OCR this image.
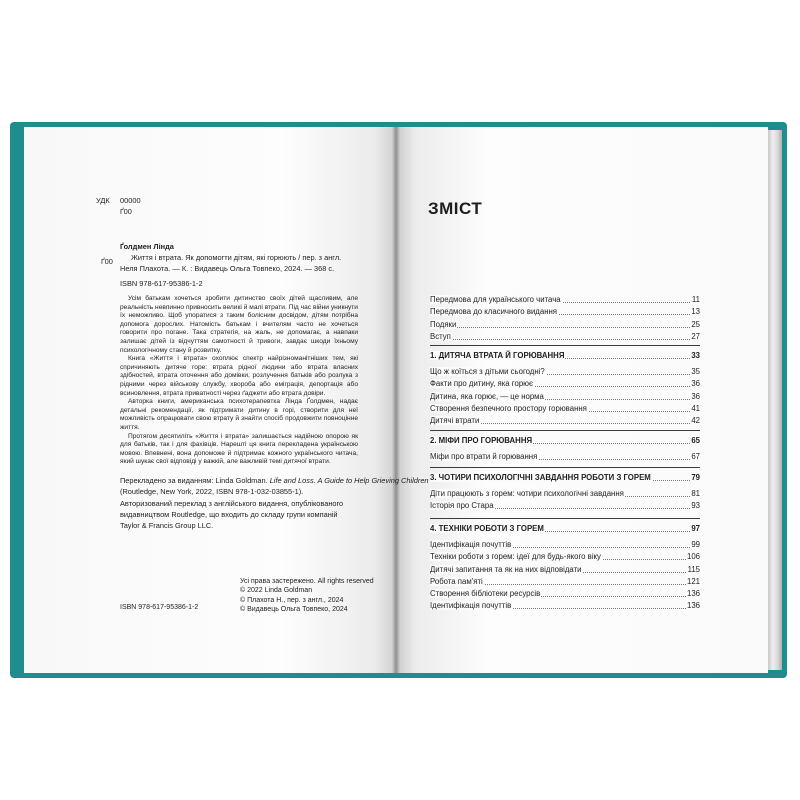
УДК 00000
Ґ00
Ґ00
Ґолдмен Лінда
Життя і втрата. Як допомогти дітям, які горюють / пер. з англ.
Неля Плахота. — К. : Видавець Ольга Товпеко, 2024. — 368 с.
ISBN 978-617-95386-1-2

Усім батькам хочеться зробити дитинство своїх дітей щасливим, але реальність невпинно привносить великі й малі втрати. Під час війни уникнути їх неможливо. Щоб упоратися з таким болісним досвідом, дітям потрібна допомога дорослих. Натомість батькам і вчителям часто не хочеться говорити про погане. Така стратегія, на жаль, не допомагає, а навпаки залишає дітей із відчуттям самотності й тривоги, завдає шкоди їхньому психологічному стану й розвитку.

Книга «Життя і втрата» охоплює спектр найрізноманітніших тем, які спричиняють дитяче горе: втрата рідної людини або втрата власних здібностей, втрата оточення або домівки, розлучення батьків або розлука з рідними через військову службу, хвороба або еміграція, депортація або всиновлення, втрата приватності через ґаджети або втрата довіри.

Авторка книги, американська психотерапевтка Лінда Ґолдмен, надає детальні рекомендації, як підтримати дитину в горі, створити для неї можливість опрацювати свою втрату й знайти спосіб продовжити повноцінне життя.

Протягом десятиліть «Життя і втрата» залишається надійною опорою як для батьків, так і для фахівців. Нарешті ця книга перекладена українською мовою. Впевнені, вона допоможе й підтримає кожного українського читача, який шукає свої відповіді у важкій, але важливій темі дитячої втрати.

Перекладено за виданням: Linda Goldman. Life and Loss. A Guide to Help Grieving Children
(Routledge, New York, 2022, ISBN 978-1-032-03855-1).
Авторизований переклад з англійського видання, опублікованого
видавництвом Routledge, що входить до складу групи компаній
Taylor & Francis Group LLC.
Усі права застережено. All rights reserved
© 2022 Linda Goldman
© Плахота Н., пер. з англ., 2024
© Видавець Ольга Товпеко, 2024
ISBN 978-617-95386-1-2
ЗМІСТ
Передмова для українського читача	11
Передмова до класичного видання	13
Подяки	25
Вступ	27
1. ДИТЯЧА ВТРАТА Й ГОРЮВАННЯ	33
Що ж коїться з дітьми сьогодні?	35
Факти про дитину, яка горює	36
Дитина, яка горює, — це норма	36
Створення безпечного простору горювання	41
Дитячі втрати	42
2. МІФИ ПРО ГОРЮВАННЯ	65
Міфи про втрати й горювання	67
3. ЧОТИРИ ПСИХОЛОГІЧНІ ЗАВДАННЯ РОБОТИ З ГОРЕМ	79
Діти працюють з горем: чотири психологічні завдання	81
Історія про Стара	93
4. ТЕХНІКИ РОБОТИ З ГОРЕМ	97
Ідентифікація почуттів	99
Техніки роботи з горем: ідеї для будь-якого віку	106
Дитячі запитання та як на них відповідати	115
Робота пам'яті	121
Створення бібліотеки ресурсів	136
Ідентифікація почуттів	136
